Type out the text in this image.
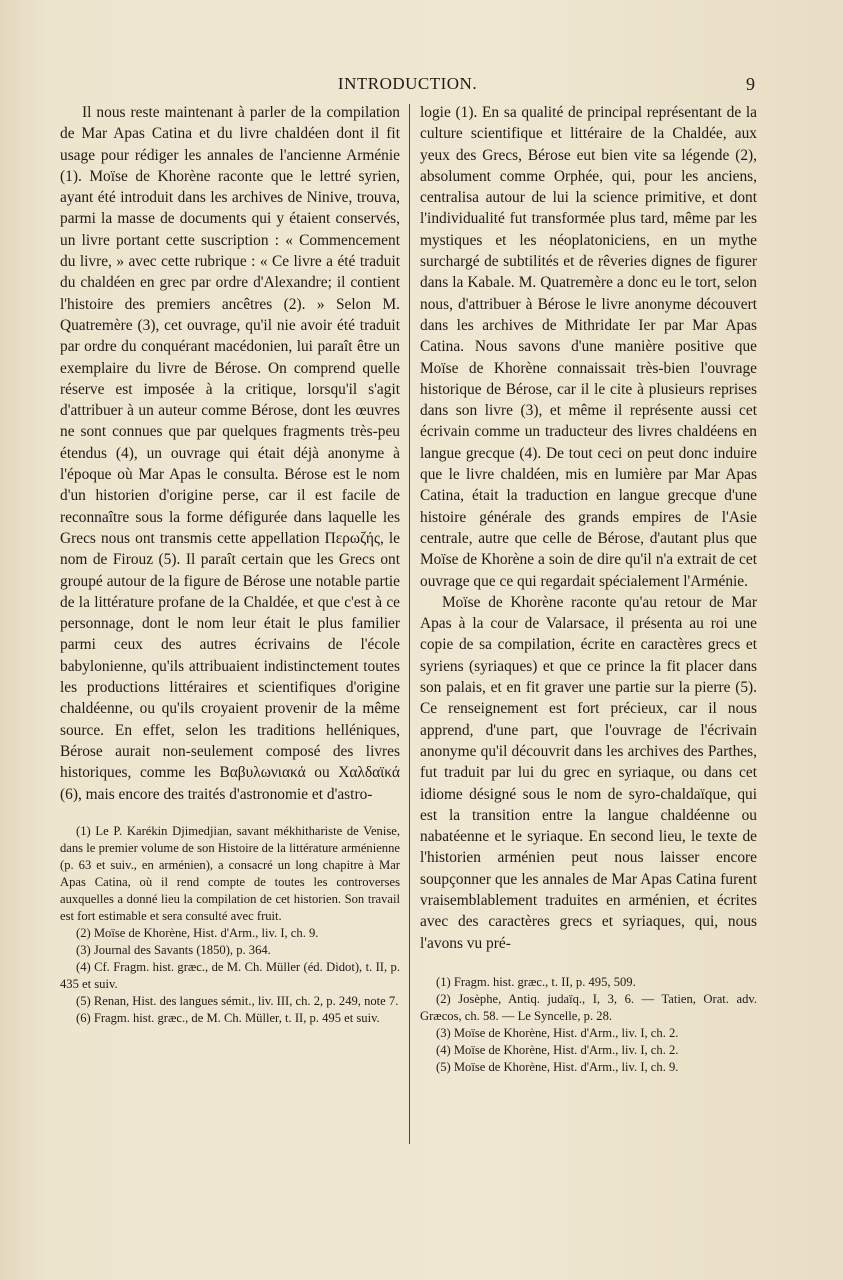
INTRODUCTION.	9

Il nous reste maintenant à parler de la compilation de Mar Apas Catina et du livre chaldéen dont il fit usage pour rédiger les annales de l'ancienne Arménie (1). Moïse de Khorène raconte que le lettré syrien, ayant été introduit dans les archives de Ninive, trouva, parmi la masse de documents qui y étaient conservés, un livre portant cette suscription : « Commencement du livre, » avec cette rubrique : « Ce livre a été traduit du chaldéen en grec par ordre d'Alexandre; il contient l'histoire des premiers ancêtres (2). » Selon M. Quatremère (3), cet ouvrage, qu'il nie avoir été traduit par ordre du conquérant macédonien, lui paraît être un exemplaire du livre de Bérose. On comprend quelle réserve est imposée à la critique, lorsqu'il s'agit d'attribuer à un auteur comme Bérose, dont les œuvres ne sont connues que par quelques fragments très-peu étendus (4), un ouvrage qui était déjà anonyme à l'époque où Mar Apas le consulta. Bérose est le nom d'un historien d'origine perse, car il est facile de reconnaître sous la forme défigurée dans laquelle les Grecs nous ont transmis cette appellation Περωζής, le nom de Firouz (5). Il paraît certain que les Grecs ont groupé autour de la figure de Bérose une notable partie de la littérature profane de la Chaldée, et que c'est à ce personnage, dont le nom leur était le plus familier parmi ceux des autres écrivains de l'école babylonienne, qu'ils attribuaient indistinctement toutes les productions littéraires et scientifiques d'origine chaldéenne, ou qu'ils croyaient provenir de la même source. En effet, selon les traditions helléniques, Bérose aurait non-seulement composé des livres historiques, comme les Βαβυλωνιακά ou Χαλδαϊκά (6), mais encore des traités d'astronomie et d'astro-

(1) Le P. Karékin Djimedjian, savant mékhithariste de Venise, dans le premier volume de son Histoire de la littérature arménienne (p. 63 et suiv., en arménien), a consacré un long chapitre à Mar Apas Catina, où il rend compte de toutes les controverses auxquelles a donné lieu la compilation de cet historien. Son travail est fort estimable et sera consulté avec fruit.

(2) Moïse de Khorène, Hist. d'Arm., liv. I, ch. 9.

(3) Journal des Savants (1850), p. 364.

(4) Cf. Fragm. hist. græc., de M. Ch. Müller (éd. Didot), t. II, p. 435 et suiv.

(5) Renan, Hist. des langues sémit., liv. III, ch. 2, p. 249, note 7.

(6) Fragm. hist. græc., de M. Ch. Müller, t. II, p. 495 et suiv.

logie (1). En sa qualité de principal représentant de la culture scientifique et littéraire de la Chaldée, aux yeux des Grecs, Bérose eut bien vite sa légende (2), absolument comme Orphée, qui, pour les anciens, centralisa autour de lui la science primitive, et dont l'individualité fut transformée plus tard, même par les mystiques et les néoplatoniciens, en un mythe surchargé de subtilités et de rêveries dignes de figurer dans la Kabale. M. Quatremère a donc eu le tort, selon nous, d'attribuer à Bérose le livre anonyme découvert dans les archives de Mithridate Ier par Mar Apas Catina. Nous savons d'une manière positive que Moïse de Khorène connaissait très-bien l'ouvrage historique de Bérose, car il le cite à plusieurs reprises dans son livre (3), et même il représente aussi cet écrivain comme un traducteur des livres chaldéens en langue grecque (4). De tout ceci on peut donc induire que le livre chaldéen, mis en lumière par Mar Apas Catina, était la traduction en langue grecque d'une histoire générale des grands empires de l'Asie centrale, autre que celle de Bérose, d'autant plus que Moïse de Khorène a soin de dire qu'il n'a extrait de cet ouvrage que ce qui regardait spécialement l'Arménie.

Moïse de Khorène raconte qu'au retour de Mar Apas à la cour de Valarsace, il présenta au roi une copie de sa compilation, écrite en caractères grecs et syriens (syriaques) et que ce prince la fit placer dans son palais, et en fit graver une partie sur la pierre (5). Ce renseignement est fort précieux, car il nous apprend, d'une part, que l'ouvrage de l'écrivain anonyme qu'il découvrit dans les archives des Parthes, fut traduit par lui du grec en syriaque, ou dans cet idiome désigné sous le nom de syro-chaldaïque, qui est la transition entre la langue chaldéenne ou nabatéenne et le syriaque. En second lieu, le texte de l'historien arménien peut nous laisser encore soupçonner que les annales de Mar Apas Catina furent vraisemblablement traduites en arménien, et écrites avec des caractères grecs et syriaques, qui, nous l'avons vu pré-

(1) Fragm. hist. græc., t. II, p. 495, 509.

(2) Josèphe, Antiq. judaïq., I, 3, 6. — Tatien, Orat. adv. Græcos, ch. 58. — Le Syncelle, p. 28.

(3) Moïse de Khorène, Hist. d'Arm., liv. I, ch. 2.

(4) Moïse de Khorène, Hist. d'Arm., liv. I, ch. 2.

(5) Moïse de Khorène, Hist. d'Arm., liv. I, ch. 9.
